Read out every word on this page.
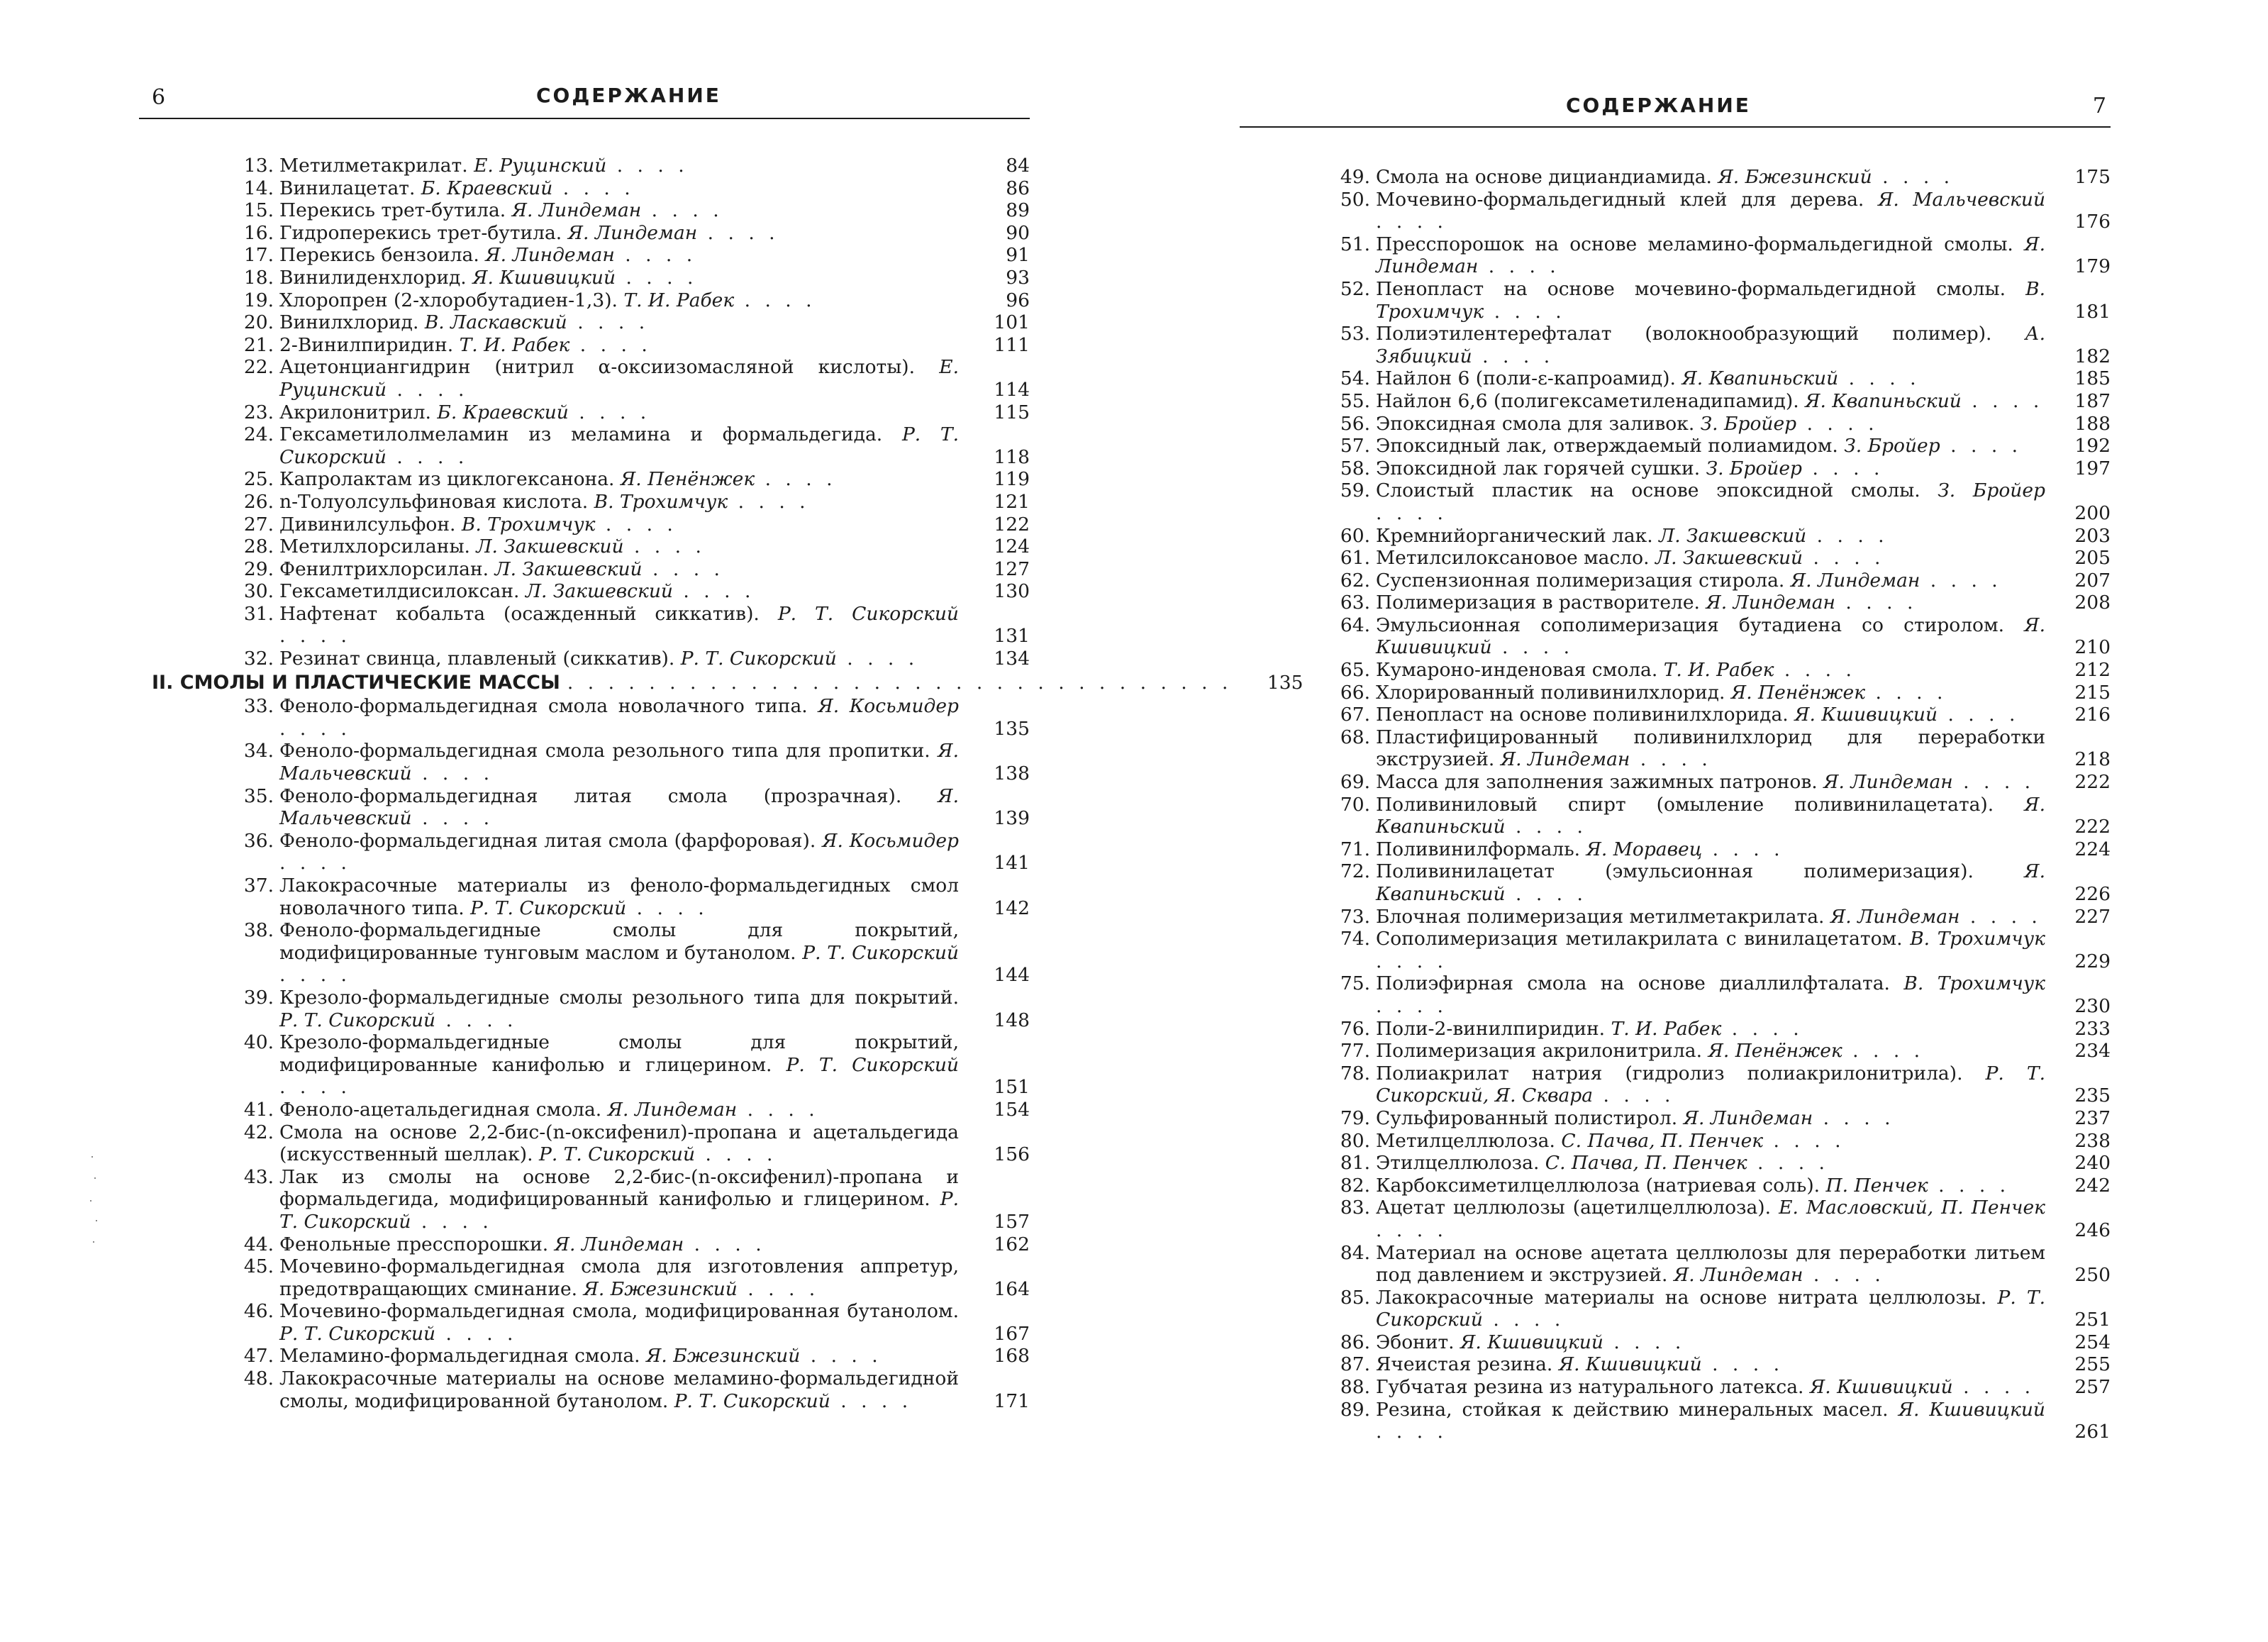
6	СОДЕРЖАНИЕ
13. Метилметакрилат. Е. Руцинский . . . .	84
14. Винилацетат. Б. Краевский . . . .	86
15. Перекись трет-бутила. Я. Линдеман . . . .	89
16. Гидроперекись трет-бутила. Я. Линдеман . . . .	90
17. Перекись бензоила. Я. Линдеман . . . .	91
18. Винилиденхлорид. Я. Кшивицкий . . . .	93
19. Хлоропрен (2-хлоробутадиен-1,3). Т. И. Рабек . . . .	96
20. Винилхлорид. В. Ласкавский . . . .	101
21. 2-Винилпиридин. Т. И. Рабек . . . .	111
22. Ацетонциангидрин (нитрил α-оксиизомасляной кислоты). Е. Руцинский . . . .	114
23. Акрилонитрил. Б. Краевский . . . .	115
24. Гексаметилолмеламин из меламина и формальдегида. Р. Т. Сикорский . . . .	118
25. Капролактам из циклогексанона. Я. Пенёнжек . . . .	119
26. n-Толуолсульфиновая кислота. В. Трохимчук . . . .	121
27. Дивинилсульфон. В. Трохимчук . . . .	122
28. Метилхлорсиланы. Л. Закшевский . . . .	124
29. Фенилтрихлорсилан. Л. Закшевский . . . .	127
30. Гексаметилдисилоксан. Л. Закшевский . . . .	130
31. Нафтенат кобальта (осажденный сиккатив). Р. Т. Сикорский . . . .	131
32. Резинат свинца, плавленый (сиккатив). Р. Т. Сикорский . . . .	134
II. СМОЛЫ И ПЛАСТИЧЕСКИЕ МАССЫ . . . . . . . . . . . . . . . . . . . . . . . . . . . . . . . . .	135
33. Феноло-формальдегидная смола новолачного типа. Я. Косьмидер . . . .	135
34. Феноло-формальдегидная смола резольного типа для пропитки. Я. Мальчевский . . . .	138
35. Феноло-формальдегидная литая смола (прозрачная). Я. Мальчевский . . . .	139
36. Феноло-формальдегидная литая смола (фарфоровая). Я. Косьмидер . . . .	141
37. Лакокрасочные материалы из феноло-формальдегидных смол новолачного типа. Р. Т. Сикорский . . . .	142
38. Феноло-формальдегидные смолы для покрытий, модифицированные тунговым маслом и бутанолом. Р. Т. Сикорский . . . .	144
39. Крезоло-формальдегидные смолы резольного типа для покрытий. Р. Т. Сикорский . . . .	148
40. Крезоло-формальдегидные смолы для покрытий, модифицированные канифолью и глицерином. Р. Т. Сикорский . . . .	151
41. Феноло-ацетальдегидная смола. Я. Линдеман . . . .	154
42. Смола на основе 2,2-бис-(n-оксифенил)-пропана и ацетальдегида (искусственный шеллак). Р. Т. Сикорский . . . .	156
43. Лак из смолы на основе 2,2-бис-(n-оксифенил)-пропана и формальдегида, модифицированный канифолью и глицерином. Р. Т. Сикорский . . . .	157
44. Фенольные пресспорошки. Я. Линдеман . . . .	162
45. Мочевино-формальдегидная смола для изготовления аппретур, предотвращающих сминание. Я. Бжезинский . . . .	164
46. Мочевино-формальдегидная смола, модифицированная бутанолом. Р. Т. Сикорский . . . .	167
47. Меламино-формальдегидная смола. Я. Бжезинский . . . .	168
48. Лакокрасочные материалы на основе меламино-формальдегидной смолы, модифицированной бутанолом. Р. Т. Сикорский . . . .	171
СОДЕРЖАНИЕ	7
49. Смола на основе дициандиамида. Я. Бжезинский . . . .	175
50. Мочевино-формальдегидный клей для дерева. Я. Мальчевский . . . .	176
51. Пресспорошок на основе меламино-формальдегидной смолы. Я. Линдеман . . . .	179
52. Пенопласт на основе мочевино-формальдегидной смолы. В. Трохимчук . . . .	181
53. Полиэтилентерефталат (волокнообразующий полимер). А. Зябицкий . . . .	182
54. Найлон 6 (поли-ε-капроамид). Я. Квапиньский . . . .	185
55. Найлон 6,6 (полигексаметиленадипамид). Я. Квапиньский . . . .	187
56. Эпоксидная смола для заливок. З. Бройер . . . .	188
57. Эпоксидный лак, отверждаемый полиамидом. З. Бройер . . . .	192
58. Эпоксидной лак горячей сушки. З. Бройер . . . .	197
59. Слоистый пластик на основе эпоксидной смолы. З. Бройер . . . .	200
60. Кремнийорганический лак. Л. Закшевский . . . .	203
61. Метилсилоксановое масло. Л. Закшевский . . . .	205
62. Суспензионная полимеризация стирола. Я. Линдеман . . . .	207
63. Полимеризация в растворителе. Я. Линдеман . . . .	208
64. Эмульсионная сополимеризация бутадиена со стиролом. Я. Кшивицкий . . . .	210
65. Кумароно-инденовая смола. Т. И. Рабек . . . .	212
66. Хлорированный поливинилхлорид. Я. Пенёнжек . . . .	215
67. Пенопласт на основе поливинилхлорида. Я. Кшивицкий . . . .	216
68. Пластифицированный поливинилхлорид для переработки экструзией. Я. Линдеман . . . .	218
69. Масса для заполнения зажимных патронов. Я. Линдеман . . . .	222
70. Поливиниловый спирт (омыление поливинилацетата). Я. Квапиньский . . . .	222
71. Поливинилформаль. Я. Моравец . . . .	224
72. Поливинилацетат (эмульсионная полимеризация). Я. Квапиньский . . . .	226
73. Блочная полимеризация метилметакрилата. Я. Линдеман . . . .	227
74. Сополимеризация метилакрилата с винилацетатом. В. Трохимчук . . . .	229
75. Полиэфирная смола на основе диаллилфталата. В. Трохимчук . . . .	230
76. Поли-2-винилпиридин. Т. И. Рабек . . . .	233
77. Полимеризация акрилонитрила. Я. Пенёнжек . . . .	234
78. Полиакрилат натрия (гидролиз полиакрилонитрила). Р. Т. Сикорский, Я. Сквара . . . .	235
79. Сульфированный полистирол. Я. Линдеман . . . .	237
80. Метилцеллюлоза. С. Пачва, П. Пенчек . . . .	238
81. Этилцеллюлоза. С. Пачва, П. Пенчек . . . .	240
82. Карбоксиметилцеллюлоза (натриевая соль). П. Пенчек . . . .	242
83. Ацетат целлюлозы (ацетилцеллюлоза). Е. Масловский, П. Пенчек . . . .	246
84. Материал на основе ацетата целлюлозы для переработки литьем под давлением и экструзией. Я. Линдеман . . . .	250
85. Лакокрасочные материалы на основе нитрата целлюлозы. Р. Т. Сикорский . . . .	251
86. Эбонит. Я. Кшивицкий . . . .	254
87. Ячеистая резина. Я. Кшивицкий . . . .	255
88. Губчатая резина из натурального латекса. Я. Кшивицкий . . . .	257
89. Резина, стойкая к действию минеральных масел. Я. Кшивицкий . . . .	261
